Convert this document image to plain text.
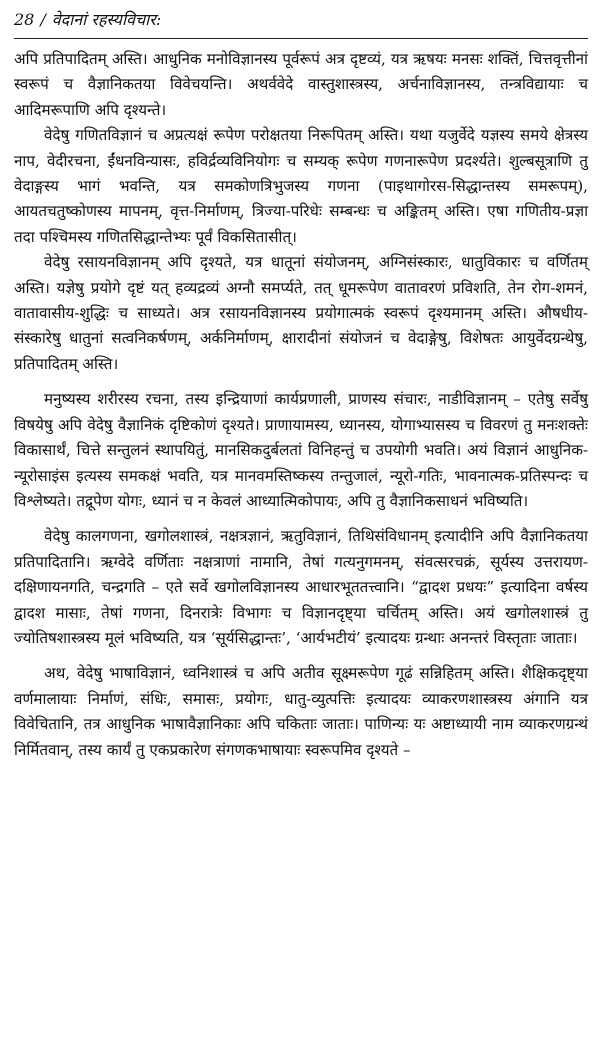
28 / वेदानां रहस्यविचार:

अपि प्रतिपादितम् अस्ति। आधुनिक मनोविज्ञानस्य पूर्वरूपं अत्र दृष्टव्यं, यत्र ऋषयः मनसः शक्तिं, चित्तवृत्तीनां स्वरूपं च वैज्ञानिकतया विवेचयन्ति। अथर्ववेदे वास्तुशास्त्रस्य, अर्चनाविज्ञानस्य, तन्त्रविद्यायाः च आदिमरूपाणि अपि दृश्यन्ते।

वेदेषु गणितविज्ञानं च अप्रत्यक्षं रूपेण परोक्षतया निरूपितम् अस्ति। यथा यजुर्वेदे यज्ञस्य समये क्षेत्रस्य नाप, वेदीरचना, ईंधनविन्यासः, हविर्द्रव्यविनियोगः च सम्यक् रूपेण गणनारूपेण प्रदर्श्यते। शुल्बसूत्राणि तु वेदाङ्गस्य भागं भवन्ति, यत्र समकोणत्रिभुजस्य गणना (पाइथागोरस-सिद्धान्तस्य समरूपम्), आयतचतुष्कोणस्य मापनम्, वृत्त-निर्माणम्, त्रिज्या-परिधेः सम्बन्धः च अङ्कितम् अस्ति। एषा गणितीय-प्रज्ञा तदा पश्चिमस्य गणितसिद्धान्तेभ्यः पूर्वं विकसितासीत्।

वेदेषु रसायनविज्ञानम् अपि दृश्यते, यत्र धातूनां संयोजनम्, अग्निसंस्कारः, धातुविकारः च वर्णितम् अस्ति। यज्ञेषु प्रयोगे दृष्टं यत् हव्यद्रव्यं अग्नौ समर्प्यते, तत् धूमरूपेण वातावरणं प्रविशति, तेन रोग-शमनं, वातावासीय-शुद्धिः च साध्यते। अत्र रसायनविज्ञानस्य प्रयोगात्मकं स्वरूपं दृश्यमानम् अस्ति। औषधीय-संस्कारेषु धातुनां सत्वनिकर्षणम्, अर्कनिर्माणम्, क्षारादीनां संयोजनं च वेदाङ्गेषु, विशेषतः आयुर्वेदग्रन्थेषु, प्रतिपादितम् अस्ति।

मनुष्यस्य शरीरस्य रचना, तस्य इन्द्रियाणां कार्यप्रणाली, प्राणस्य संचारः, नाडीविज्ञानम् – एतेषु सर्वेषु विषयेषु अपि वेदेषु वैज्ञानिकं दृष्टिकोणं दृश्यते। प्राणायामस्य, ध्यानस्य, योगाभ्यासस्य च विवरणं तु मनःशक्तेः विकासार्थं, चित्ते सन्तुलनं स्थापयितुं, मानसिकदुर्बलतां विनिहन्तुं च उपयोगी भवति। अयं विज्ञानं आधुनिक-न्यूरोसाइंस इत्यस्य समकक्षं भवति, यत्र मानवमस्तिष्कस्य तन्तुजालं, न्यूरो-गतिः, भावनात्मक-प्रतिस्पन्दः च विश्लेष्यते। तद्रूपेण योगः, ध्यानं च न केवलं आध्यात्मिकोपायः, अपि तु वैज्ञानिकसाधनं भविष्यति।

वेदेषु कालगणना, खगोलशास्त्रं, नक्षत्रज्ञानं, ऋतुविज्ञानं, तिथिसंविधानम् इत्यादीनि अपि वैज्ञानिकतया प्रतिपादितानि। ऋग्वेदे वर्णिताः नक्षत्राणां नामानि, तेषां गत्यनुगमनम्, संवत्सरचक्रं, सूर्यस्य उत्तरायण-दक्षिणायनगति, चन्द्रगति – एते सर्वे खगोलविज्ञानस्य आधारभूततत्त्वानि। “द्वादश प्रधयः” इत्यादिना वर्षस्य द्वादश मासाः, तेषां गणना, दिनरात्रेः विभागः च विज्ञानदृष्ट्या चर्चितम् अस्ति। अयं खगोलशास्त्रं तु ज्योतिषशास्त्रस्य मूलं भविष्यति, यत्र ‘सूर्यसिद्धान्तः’, ‘आर्यभटीयं’ इत्यादयः ग्रन्थाः अनन्तरं विस्तृताः जाताः।

अथ, वेदेषु भाषाविज्ञानं, ध्वनिशास्त्रं च अपि अतीव सूक्ष्मरूपेण गूढं सन्निहितम् अस्ति। शैक्षिकदृष्ट्या वर्णमालायाः निर्माणं, संधिः, समासः, प्रयोगः, धातु-व्युत्पत्तिः इत्यादयः व्याकरणशास्त्रस्य अंगानि यत्र विवेचितानि, तत्र आधुनिक भाषावैज्ञानिकाः अपि चकिताः जाताः। पाणिन्यः यः अष्टाध्यायी नाम व्याकरणग्रन्थं निर्मितवान्, तस्य कार्यं तु एकप्रकारेण संगणकभाषायाः स्वरूपमिव दृश्यते –
